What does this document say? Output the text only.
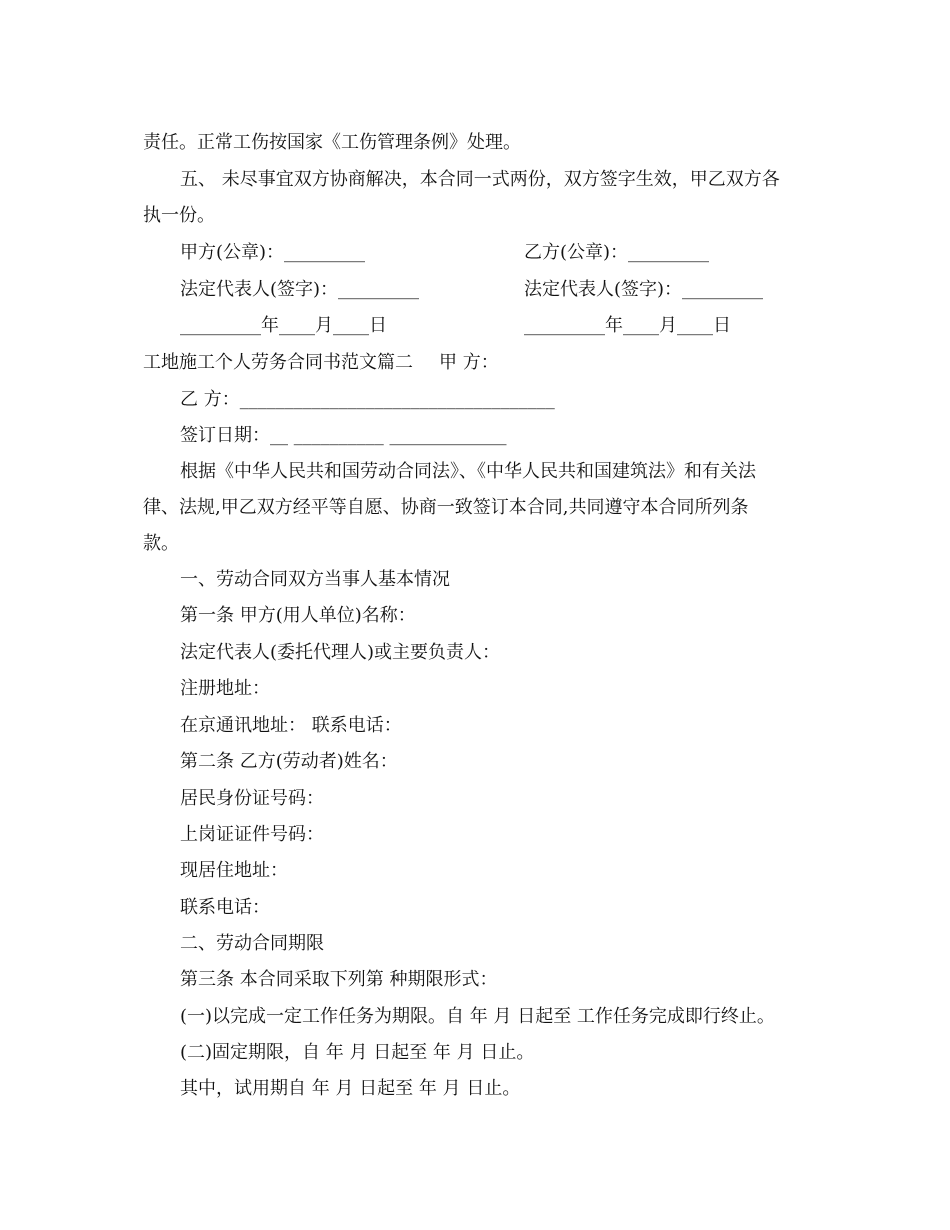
责任。正常工伤按国家《工伤管理条例》处理。
五、 未尽事宜双方协商解决，本合同一式两份，双方签字生效，甲乙双方各
执一份。
甲方(公章)：_________	乙方(公章)：_________
法定代表人(签字)：_________	法定代表人(签字)：_________
_________年____月____日	_________年____月____日
工地施工个人劳务合同书范文篇二 甲 方：
乙 方：___________________________________
签订日期：__ __________ _____________
根据《中华人民共和国劳动合同法》、《中华人民共和国建筑法》和有关法
律、法规,甲乙双方经平等自愿、协商一致签订本合同,共同遵守本合同所列条
款。
一、劳动合同双方当事人基本情况
第一条 甲方(用人单位)名称：
法定代表人(委托代理人)或主要负责人：
注册地址：
在京通讯地址： 联系电话：
第二条 乙方(劳动者)姓名：
居民身份证号码：
上岗证证件号码：
现居住地址：
联系电话：
二、劳动合同期限
第三条 本合同采取下列第 种期限形式：
(一)以完成一定工作任务为期限。自 年 月 日起至 工作任务完成即行终止。
(二)固定期限，自 年 月 日起至 年 月 日止。
其中，试用期自 年 月 日起至 年 月 日止。
